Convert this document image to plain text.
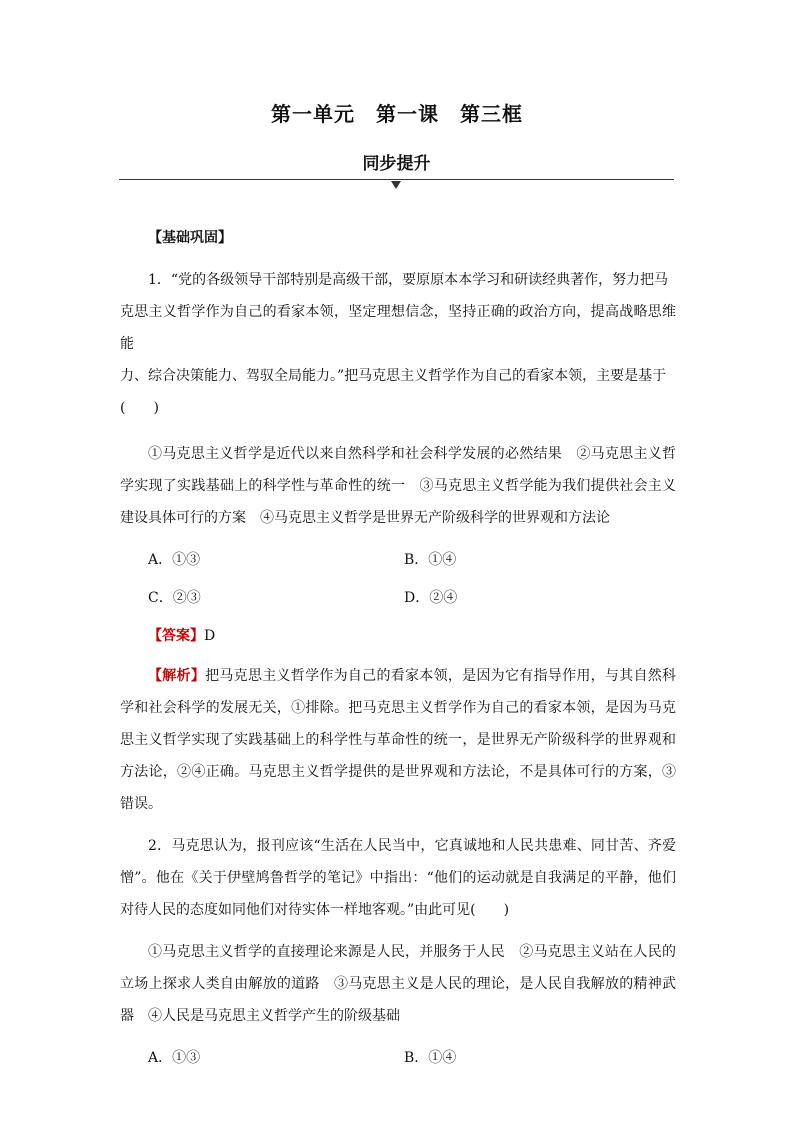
第一单元　第一课　第三框
同步提升
【基础巩固】
1．“党的各级领导干部特别是高级干部，要原原本本学习和研读经典著作，努力把马
克思主义哲学作为自己的看家本领，坚定理想信念，坚持正确的政治方向，提高战略思维能
力、综合决策能力、驾驭全局能力。”把马克思主义哲学作为自己的看家本领，主要是基于
(　　)

①马克思主义哲学是近代以来自然科学和社会科学发展的必然结果　②马克思主义哲学实现了实践基础上的科学性与革命性的统一　③马克思主义哲学能为我们提供社会主义建设具体可行的方案　④马克思主义哲学是世界无产阶级科学的世界观和方法论

A．①③	B．①④
C．②③	D．②④
【答案】D

【解析】把马克思主义哲学作为自己的看家本领，是因为它有指导作用，与其自然科学和社会科学的发展无关，①排除。把马克思主义哲学作为自己的看家本领，是因为马克思主义哲学实现了实践基础上的科学性与革命性的统一，是世界无产阶级科学的世界观和方法论，②④正确。马克思主义哲学提供的是世界观和方法论，不是具体可行的方案，③错误。

2．马克思认为，报刊应该“生活在人民当中，它真诚地和人民共患难、同甘苦、齐爱憎”。他在《关于伊壁鸠鲁哲学的笔记》中指出：“他们的运动就是自我满足的平静，他们对待人民的态度如同他们对待实体一样地客观。”由此可见(　　)

①马克思主义哲学的直接理论来源是人民，并服务于人民　②马克思主义站在人民的立场上探求人类自由解放的道路　③马克思主义是人民的理论，是人民自我解放的精神武器　④人民是马克思主义哲学产生的阶级基础

A．①③	B．①④
